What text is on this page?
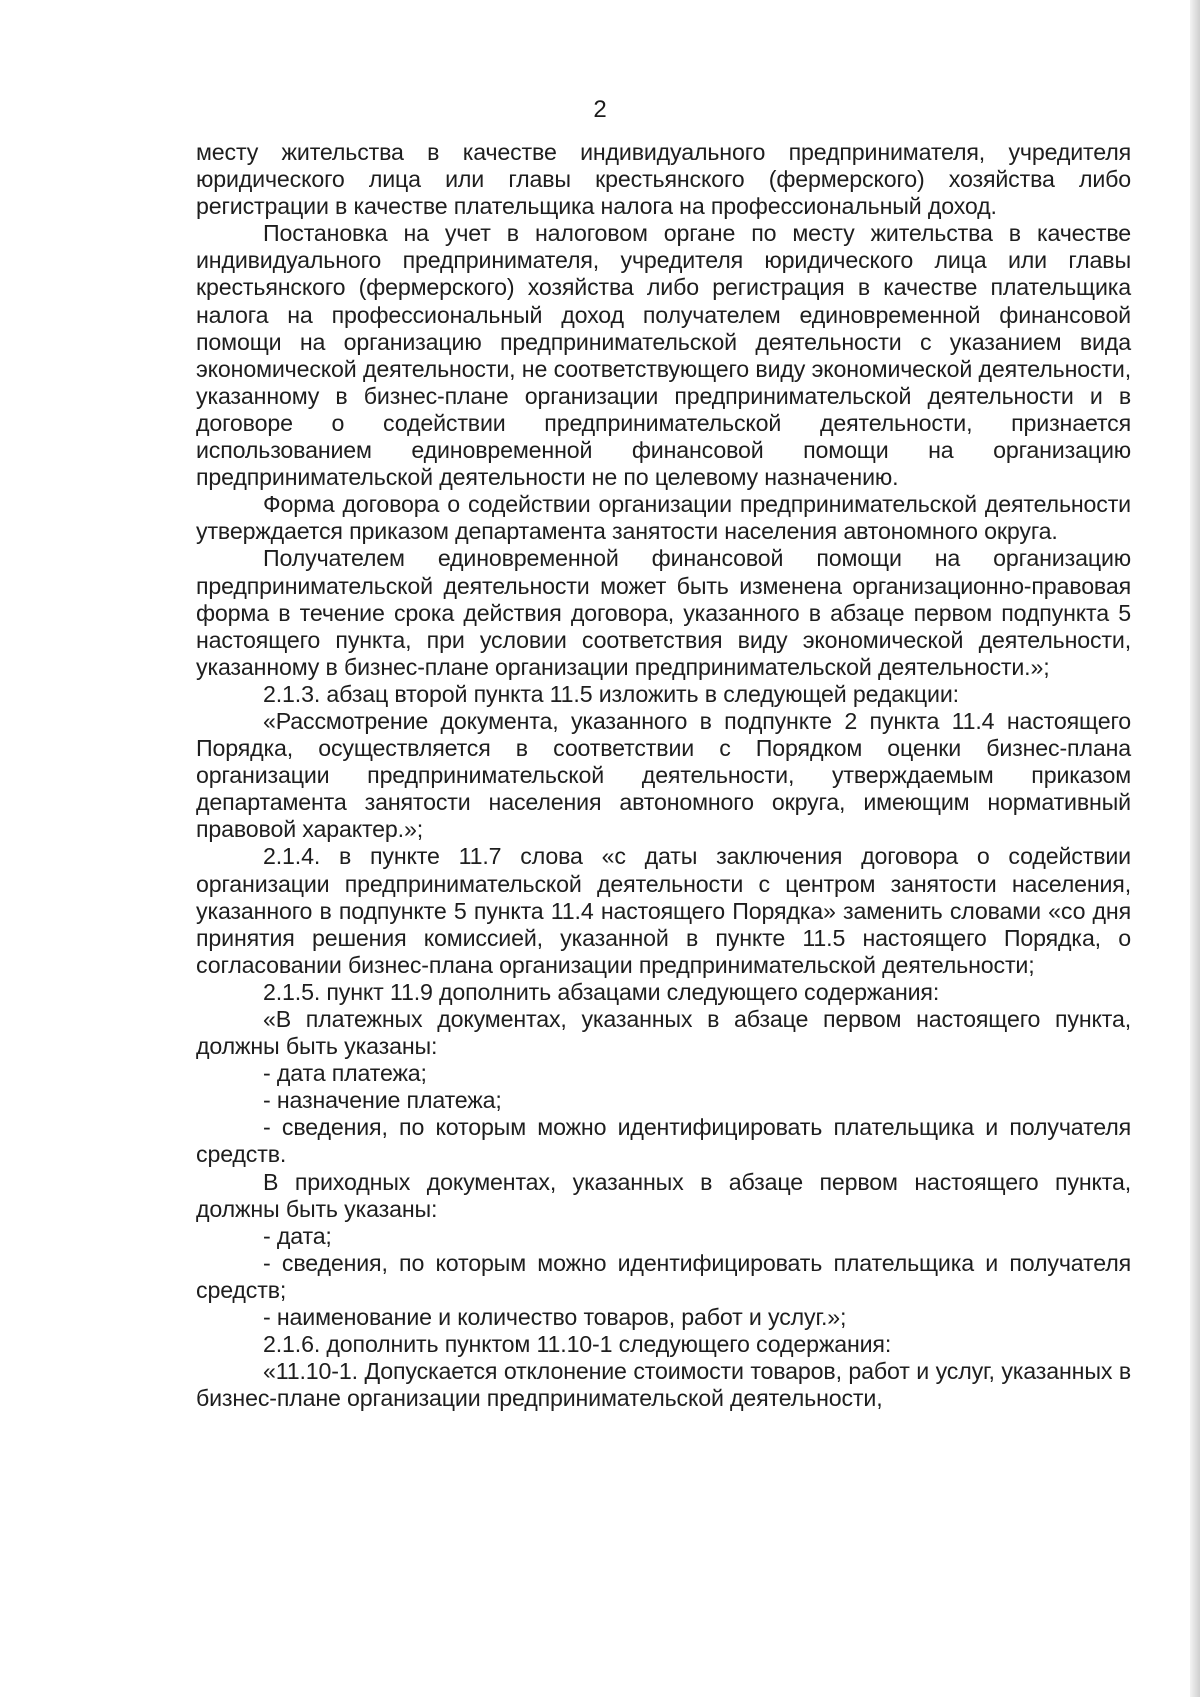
2

месту жительства в качестве индивидуального предпринимателя, учредителя юридического лица или главы крестьянского (фермерского) хозяйства либо регистрации в качестве плательщика налога на профессиональный доход.

Постановка на учет в налоговом органе по месту жительства в качестве индивидуального предпринимателя, учредителя юридического лица или главы крестьянского (фермерского) хозяйства либо регистрация в качестве плательщика налога на профессиональный доход получателем единовременной финансовой помощи на организацию предпринимательской деятельности с указанием вида экономической деятельности, не соответствующего виду экономической деятельности, указанному в бизнес-плане организации предпринимательской деятельности и в договоре о содействии предпринимательской деятельности, признается использованием единовременной финансовой помощи на организацию предпринимательской деятельности не по целевому назначению.

Форма договора о содействии организации предпринимательской деятельности утверждается приказом департамента занятости населения автономного округа.

Получателем единовременной финансовой помощи на организацию предпринимательской деятельности может быть изменена организационно-правовая форма в течение срока действия договора, указанного в абзаце первом подпункта 5 настоящего пункта, при условии соответствия виду экономической деятельности, указанному в бизнес-плане организации предпринимательской деятельности.»;

2.1.3. абзац второй пункта 11.5 изложить в следующей редакции:

«Рассмотрение документа, указанного в подпункте 2 пункта 11.4 настоящего Порядка, осуществляется в соответствии с Порядком оценки бизнес-плана организации предпринимательской деятельности, утверждаемым приказом департамента занятости населения автономного округа, имеющим нормативный правовой характер.»;

2.1.4. в пункте 11.7 слова «с даты заключения договора о содействии организации предпринимательской деятельности с центром занятости населения, указанного в подпункте 5 пункта 11.4 настоящего Порядка» заменить словами «со дня принятия решения комиссией, указанной в пункте 11.5 настоящего Порядка, о согласовании бизнес-плана организации предпринимательской деятельности;

2.1.5. пункт 11.9 дополнить абзацами следующего содержания:

«В платежных документах, указанных в абзаце первом настоящего пункта, должны быть указаны:

- дата платежа;

- назначение платежа;

- сведения, по которым можно идентифицировать плательщика и получателя средств.

В приходных документах, указанных в абзаце первом настоящего пункта, должны быть указаны:

- дата;

- сведения, по которым можно идентифицировать плательщика и получателя средств;

- наименование и количество товаров, работ и услуг.»;

2.1.6. дополнить пунктом 11.10-1 следующего содержания:

«11.10-1. Допускается отклонение стоимости товаров, работ и услуг, указанных в бизнес-плане организации предпринимательской деятельности,
